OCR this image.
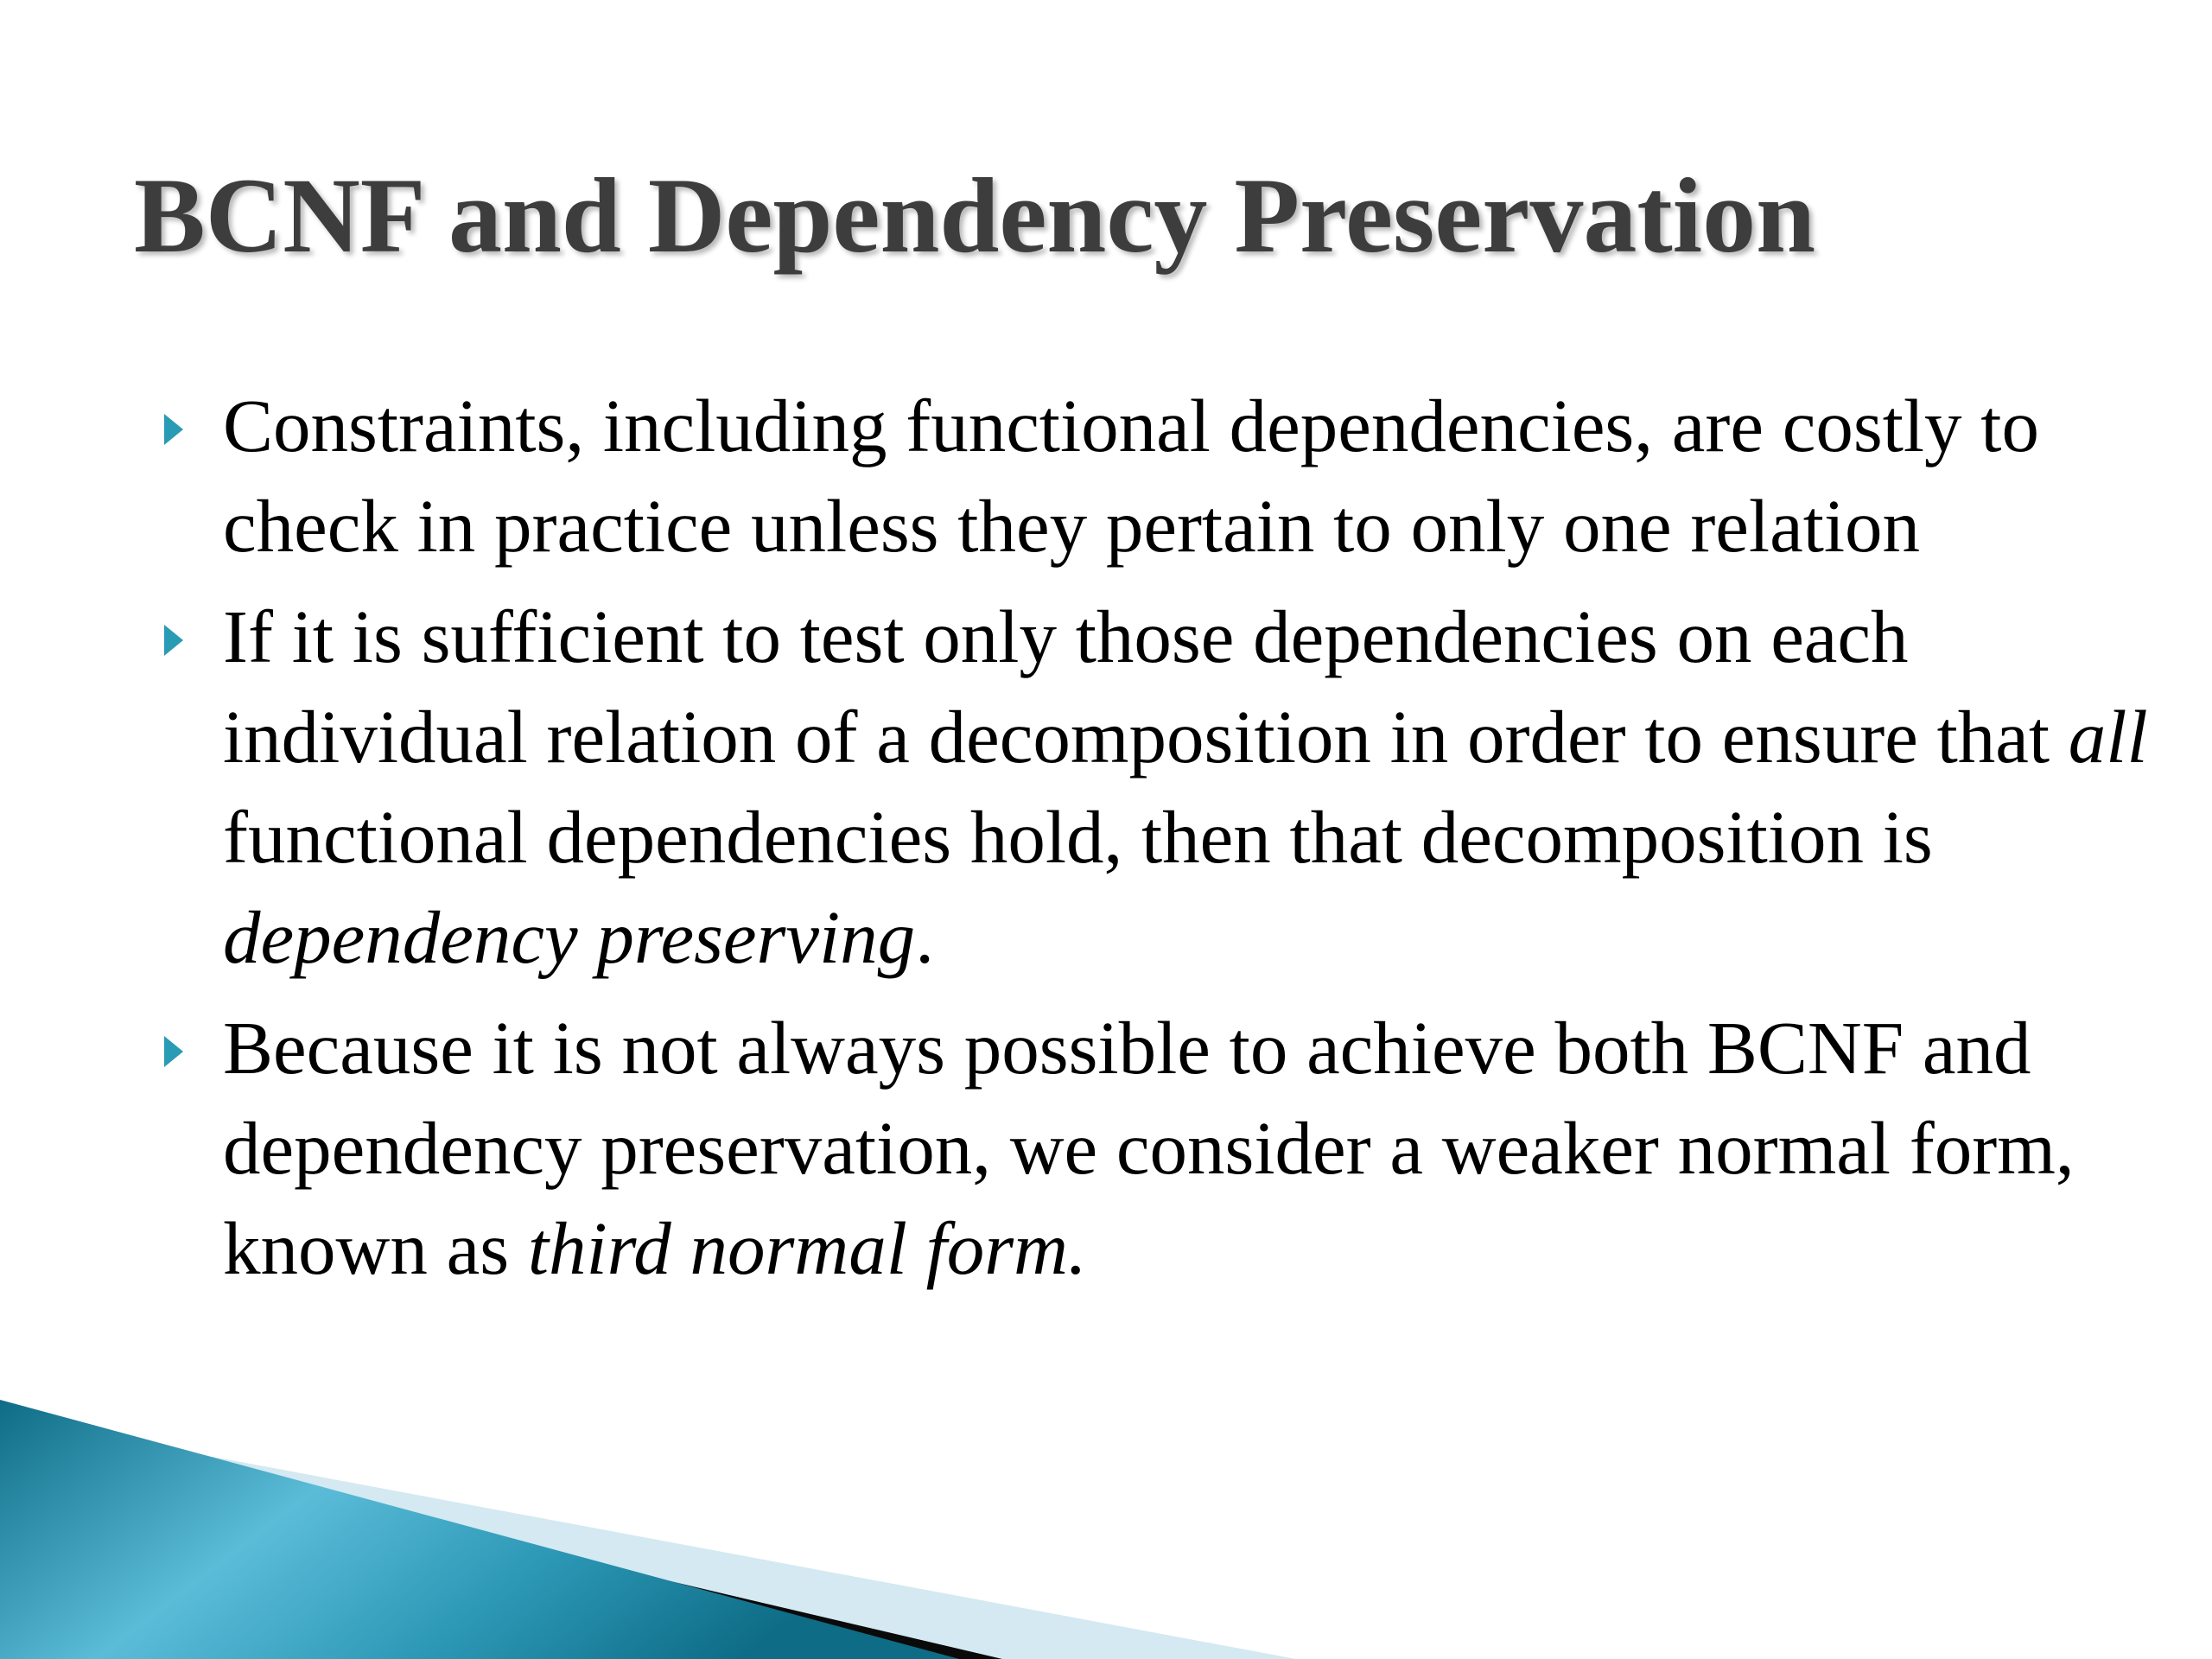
BCNF and Dependency Preservation
Constraints, including functional dependencies, are costly to check in practice unless they pertain to only one relation
If it is sufficient to test only those dependencies on each individual relation of a decomposition in order to ensure that all functional dependencies hold, then that decomposition is dependency preserving.
Because it is not always possible to achieve both BCNF and dependency preservation, we consider a weaker normal form, known as third normal form.
